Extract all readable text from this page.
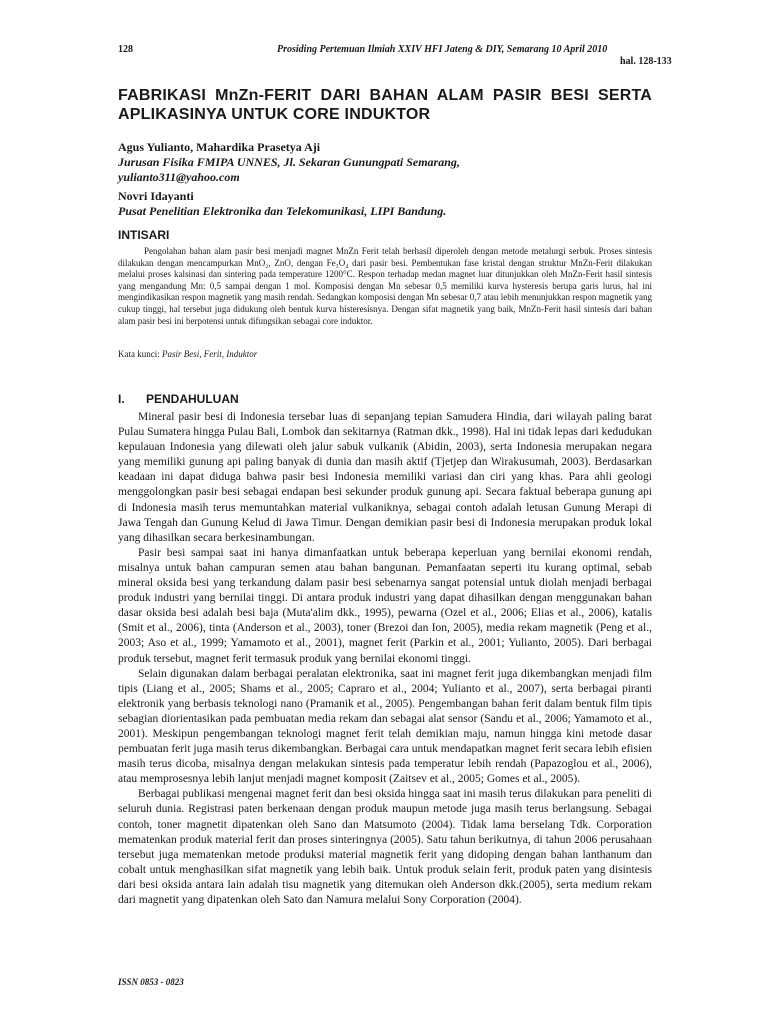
128	Prosiding Pertemuan Ilmiah XXIV HFI Jateng & DIY, Semarang 10 April 2010
hal. 128-133
FABRIKASI MnZn-FERIT DARI BAHAN ALAM PASIR BESI SERTA APLIKASINYA UNTUK CORE INDUKTOR
Agus Yulianto, Mahardika Prasetya Aji
Jurusan Fisika FMIPA UNNES, Jl. Sekaran Gunungpati Semarang,
yulianto311@yahoo.com
Novri Idayanti
Pusat Penelitian Elektronika dan Telekomunikasi, LIPI Bandung.
INTISARI

Pengolahan bahan alam pasir besi menjadi magnet MnZn Ferit telah berhasil diperoleh dengan metode metalurgi serbuk. Proses sintesis dilakukan dengan mencampurkan MnO₂, ZnO, dengan Fe₃O₄ dari pasir besi. Pembentukan fase kristal dengan struktur MnZn-Ferit dilakukan melalui proses kalsinasi dan sintering pada temperature 1200°C. Respon terhadap medan magnet luar ditunjukkan oleh MnZn-Ferit hasil sintesis yang mengandung Mn: 0,5 sampai dengan 1 mol. Komposisi dengan Mn sebesar 0,5 memiliki kurva hysteresis berupa garis lurus, hal ini mengindikasikan respon magnetik yang masih rendah. Sedangkan komposisi dengan Mn sebesar 0,7 atau lebih menunjukkan respon magnetik yang cukup tinggi, hal tersebut juga didukung oleh bentuk kurva histeresisnya. Dengan sifat magnetik yang baik, MnZn-Ferit hasil sintesis dari bahan alam pasir besi ini berpotensi untuk difungsikan sebagai core induktor.

Kata kunci: Pasir Besi, Ferit, Induktor
I. PENDAHULUAN

Mineral pasir besi di Indonesia tersebar luas di sepanjang tepian Samudera Hindia, dari wilayah paling barat Pulau Sumatera hingga Pulau Bali, Lombok dan sekitarnya (Ratman dkk., 1998). Hal ini tidak lepas dari kedudukan kepulauan Indonesia yang dilewati oleh jalur sabuk vulkanik (Abidin, 2003), serta Indonesia merupakan negara yang memiliki gunung api paling banyak di dunia dan masih aktif (Tjetjep dan Wirakusumah, 2003). Berdasarkan keadaan ini dapat diduga bahwa pasir besi Indonesia memiliki variasi dan ciri yang khas. Para ahli geologi menggolongkan pasir besi sebagai endapan besi sekunder produk gunung api. Secara faktual beberapa gunung api di Indonesia masih terus memuntahkan material vulkaniknya, sebagai contoh adalah letusan Gunung Merapi di Jawa Tengah dan Gunung Kelud di Jawa Timur. Dengan demikian pasir besi di Indonesia merupakan produk lokal yang dihasilkan secara berkesinambungan.

Pasir besi sampai saat ini hanya dimanfaatkan untuk beberapa keperluan yang bernilai ekonomi rendah, misalnya untuk bahan campuran semen atau bahan bangunan. Pemanfaatan seperti itu kurang optimal, sebab mineral oksida besi yang terkandung dalam pasir besi sebenarnya sangat potensial untuk diolah menjadi berbagai produk industri yang bernilai tinggi. Di antara produk industri yang dapat dihasilkan dengan menggunakan bahan dasar oksida besi adalah besi baja (Muta'alim dkk., 1995), pewarna (Ozel et al., 2006; Elias et al., 2006), katalis (Smit et al., 2006), tinta (Anderson et al., 2003), toner (Brezoi dan Ion, 2005), media rekam magnetik (Peng et al., 2003; Aso et al., 1999; Yamamoto et al., 2001), magnet ferit (Parkin et al., 2001; Yulianto, 2005). Dari berbagai produk tersebut, magnet ferit termasuk produk yang bernilai ekonomi tinggi.

Selain digunakan dalam berbagai peralatan elektronika, saat ini magnet ferit juga dikembangkan menjadi film tipis (Liang et al., 2005; Shams et al., 2005; Capraro et al., 2004; Yulianto et al., 2007), serta berbagai piranti elektronik yang berbasis teknologi nano (Pramanik et al., 2005). Pengembangan bahan ferit dalam bentuk film tipis sebagian diorientasikan pada pembuatan media rekam dan sebagai alat sensor (Sandu et al., 2006; Yamamoto et al., 2001). Meskipun pengembangan teknologi magnet ferit telah demikian maju, namun hingga kini metode dasar pembuatan ferit juga masih terus dikembangkan. Berbagai cara untuk mendapatkan magnet ferit secara lebih efisien masih terus dicoba, misalnya dengan melakukan sintesis pada temperatur lebih rendah (Papazoglou et al., 2006), atau memprosesnya lebih lanjut menjadi magnet komposit (Zaitsev et al., 2005; Gomes et al., 2005).

Berbagai publikasi mengenai magnet ferit dan besi oksida hingga saat ini masih terus dilakukan para peneliti di seluruh dunia. Registrasi paten berkenaan dengan produk maupun metode juga masih terus berlangsung. Sebagai contoh, toner magnetit dipatenkan oleh Sano dan Matsumoto (2004). Tidak lama berselang Tdk. Corporation mematenkan produk material ferit dan proses sinteringnya (2005). Satu tahun berikutnya, di tahun 2006 perusahaan tersebut juga mematenkan metode produksi material magnetik ferit yang didoping dengan bahan lanthanum dan cobalt untuk menghasilkan sifat magnetik yang lebih baik. Untuk produk selain ferit, produk paten yang disintesis dari besi oksida antara lain adalah tisu magnetik yang ditemukan oleh Anderson dkk.(2005), serta medium rekam dari magnetit yang dipatenkan oleh Sato dan Namura melalui Sony Corporation (2004).

ISSN 0853 - 0823
